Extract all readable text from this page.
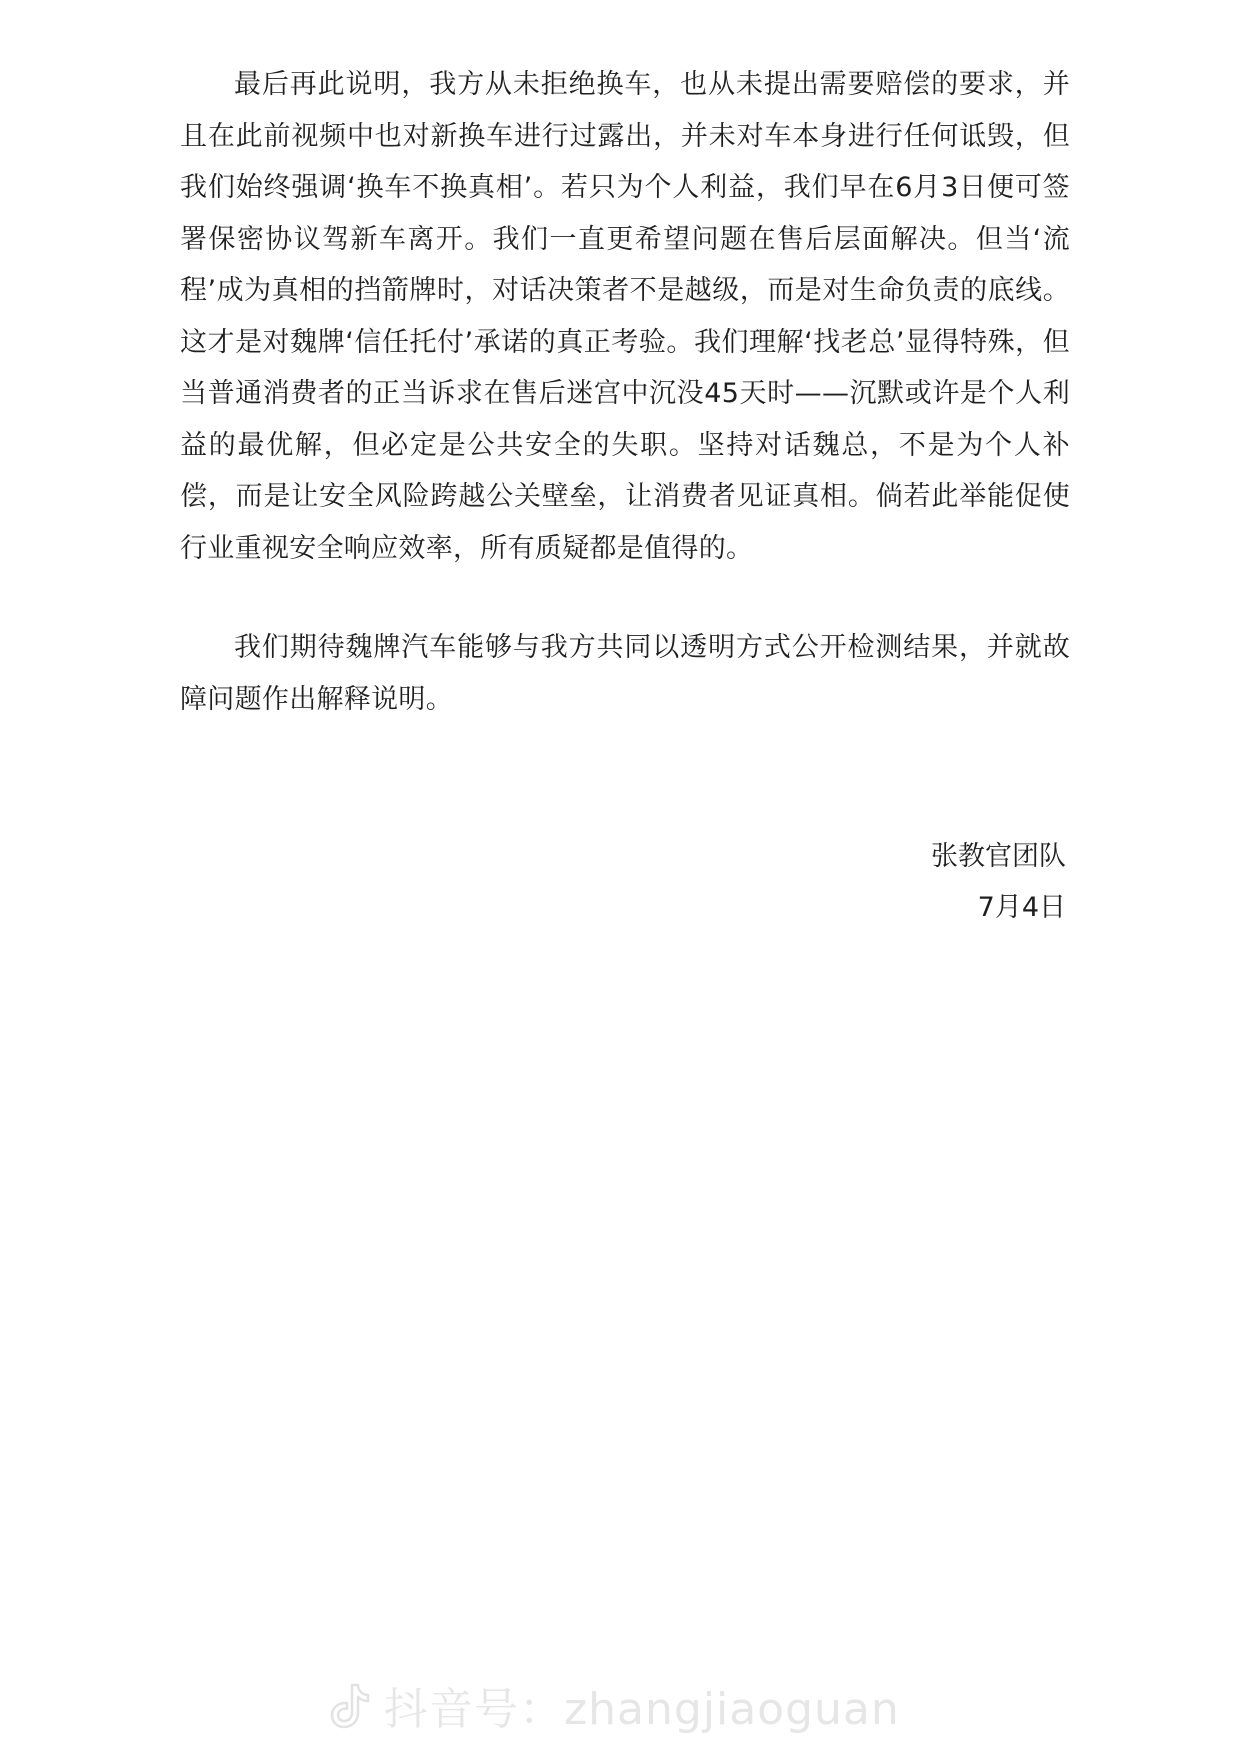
最后再此说明，我方从未拒绝换车，也从未提出需要赔偿的要求，并且在此前视频中也对新换车进行过露出，并未对车本身进行任何诋毁，但我们始终强调‘换车不换真相’。若只为个人利益，我们早在6月3日便可签署保密协议驾新车离开。我们一直更希望问题在售后层面解决。但当‘流程’成为真相的挡箭牌时，对话决策者不是越级，而是对生命负责的底线。这才是对魏牌‘信任托付’承诺的真正考验。我们理解‘找老总’显得特殊，但当普通消费者的正当诉求在售后迷宫中沉没45天时——沉默或许是个人利益的最优解，但必定是公共安全的失职。坚持对话魏总，不是为个人补偿，而是让安全风险跨越公关壁垒，让消费者见证真相。倘若此举能促使行业重视安全响应效率，所有质疑都是值得的。

我们期待魏牌汽车能够与我方共同以透明方式公开检测结果，并就故障问题作出解释说明。

张教官团队
7月4日
抖音号：zhangjiaoguan
